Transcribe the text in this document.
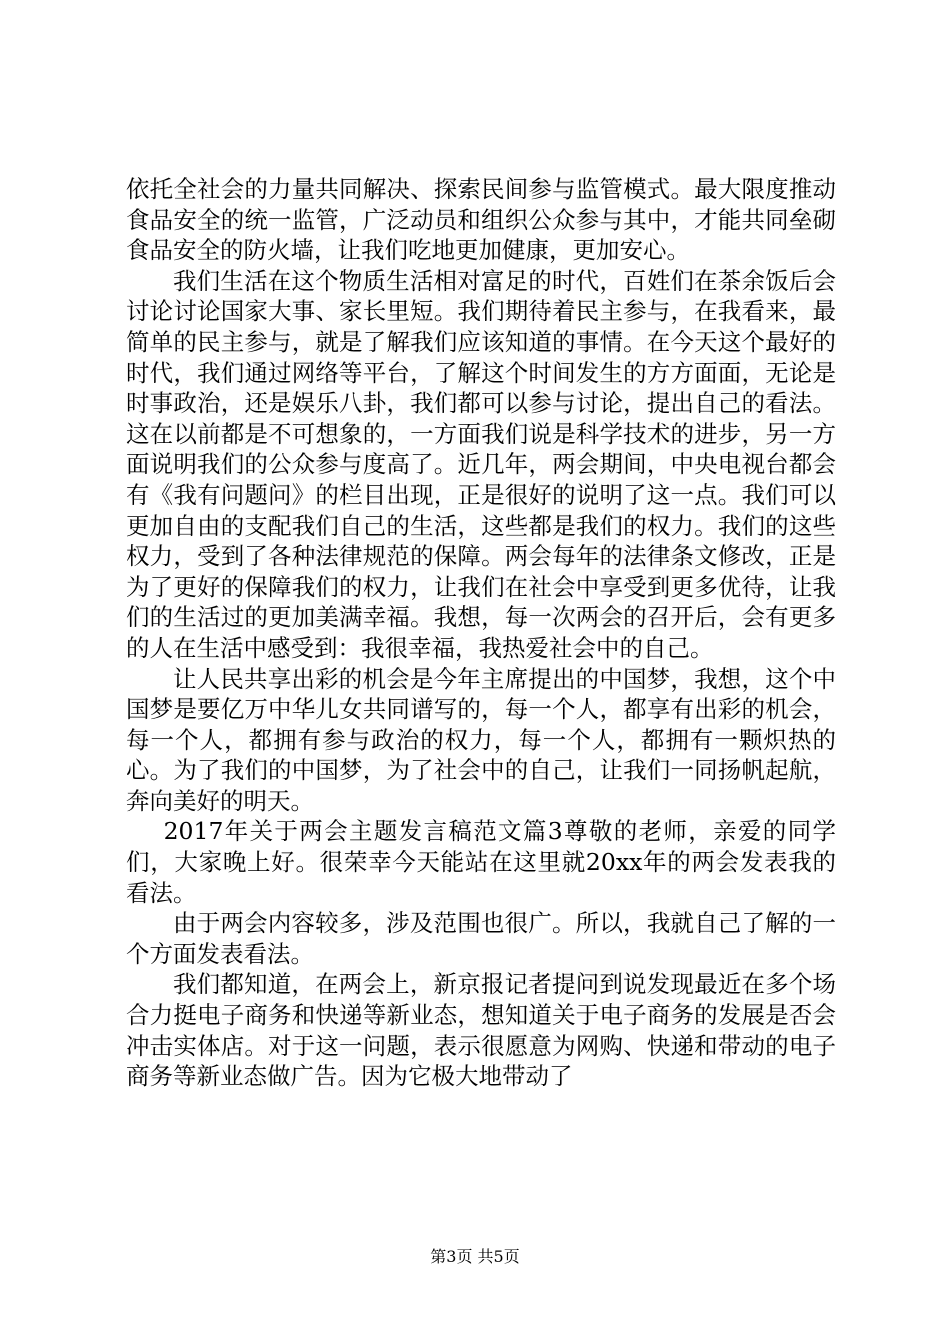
依托全社会的力量共同解决、探索民间参与监管模式。最大限度推动食品安全的统一监管，广泛动员和组织公众参与其中，才能共同垒砌食品安全的防火墙，让我们吃地更加健康，更加安心。

我们生活在这个物质生活相对富足的时代，百姓们在茶余饭后会讨论讨论国家大事、家长里短。我们期待着民主参与，在我看来，最简单的民主参与，就是了解我们应该知道的事情。在今天这个最好的时代，我们通过网络等平台，了解这个时间发生的方方面面，无论是时事政治，还是娱乐八卦，我们都可以参与讨论，提出自己的看法。这在以前都是不可想象的，一方面我们说是科学技术的进步，另一方面说明我们的公众参与度高了。近几年，两会期间，中央电视台都会有《我有问题问》的栏目出现，正是很好的说明了这一点。我们可以更加自由的支配我们自己的生活，这些都是我们的权力。我们的这些权力，受到了各种法律规范的保障。两会每年的法律条文修改，正是为了更好的保障我们的权力，让我们在社会中享受到更多优待，让我们的生活过的更加美满幸福。我想，每一次两会的召开后，会有更多的人在生活中感受到：我很幸福，我热爱社会中的自己。

让人民共享出彩的机会是今年主席提出的中国梦，我想，这个中国梦是要亿万中华儿女共同谱写的，每一个人，都享有出彩的机会，每一个人，都拥有参与政治的权力，每一个人，都拥有一颗炽热的心。为了我们的中国梦，为了社会中的自己，让我们一同扬帆起航，奔向美好的明天。

2017年关于两会主题发言稿范文篇3尊敬的老师，亲爱的同学们，大家晚上好。很荣幸今天能站在这里就20xx年的两会发表我的看法。

由于两会内容较多，涉及范围也很广。所以，我就自己了解的一个方面发表看法。

我们都知道，在两会上，新京报记者提问到说发现最近在多个场合力挺电子商务和快递等新业态，想知道关于电子商务的发展是否会冲击实体店。对于这一问题，表示很愿意为网购、快递和带动的电子商务等新业态做广告。因为它极大地带动了

第3页 共5页
